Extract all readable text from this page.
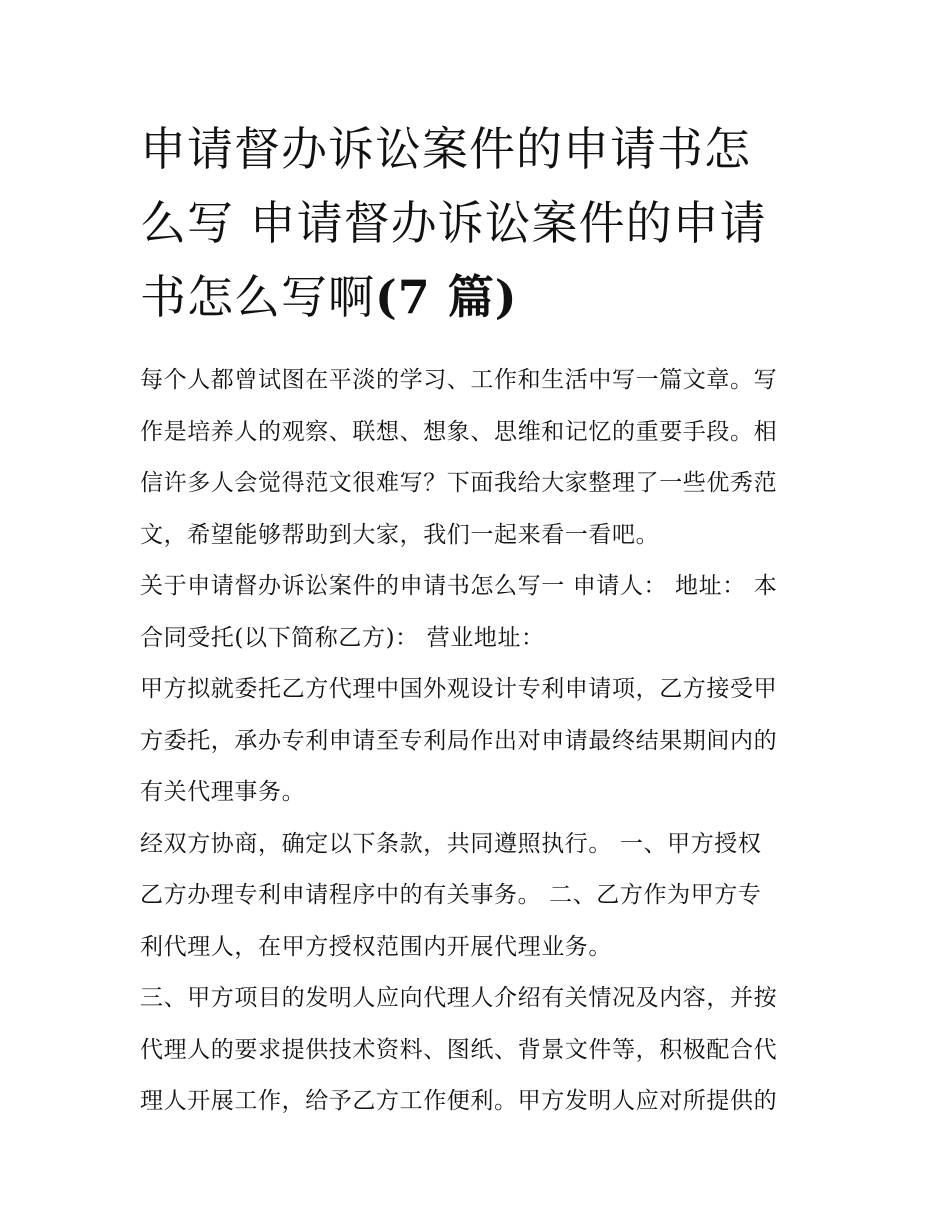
申请督办诉讼案件的申请书怎
么写 申请督办诉讼案件的申请
书怎么写啊(7 篇)
每个人都曾试图在平淡的学习、工作和生活中写一篇文章。写
作是培养人的观察、联想、想象、思维和记忆的重要手段。相
信许多人会觉得范文很难写？下面我给大家整理了一些优秀范
文，希望能够帮助到大家，我们一起来看一看吧。
关于申请督办诉讼案件的申请书怎么写一 申请人： 地址： 本
合同受托(以下简称乙方)： 营业地址：
甲方拟就委托乙方代理中国外观设计专利申请项，乙方接受甲
方委托，承办专利申请至专利局作出对申请最终结果期间内的
有关代理事务。
经双方协商，确定以下条款，共同遵照执行。 一、甲方授权
乙方办理专利申请程序中的有关事务。 二、乙方作为甲方专
利代理人，在甲方授权范围内开展代理业务。
三、甲方项目的发明人应向代理人介绍有关情况及内容，并按
代理人的要求提供技术资料、图纸、背景文件等，积极配合代
理人开展工作，给予乙方工作便利。甲方发明人应对所提供的
